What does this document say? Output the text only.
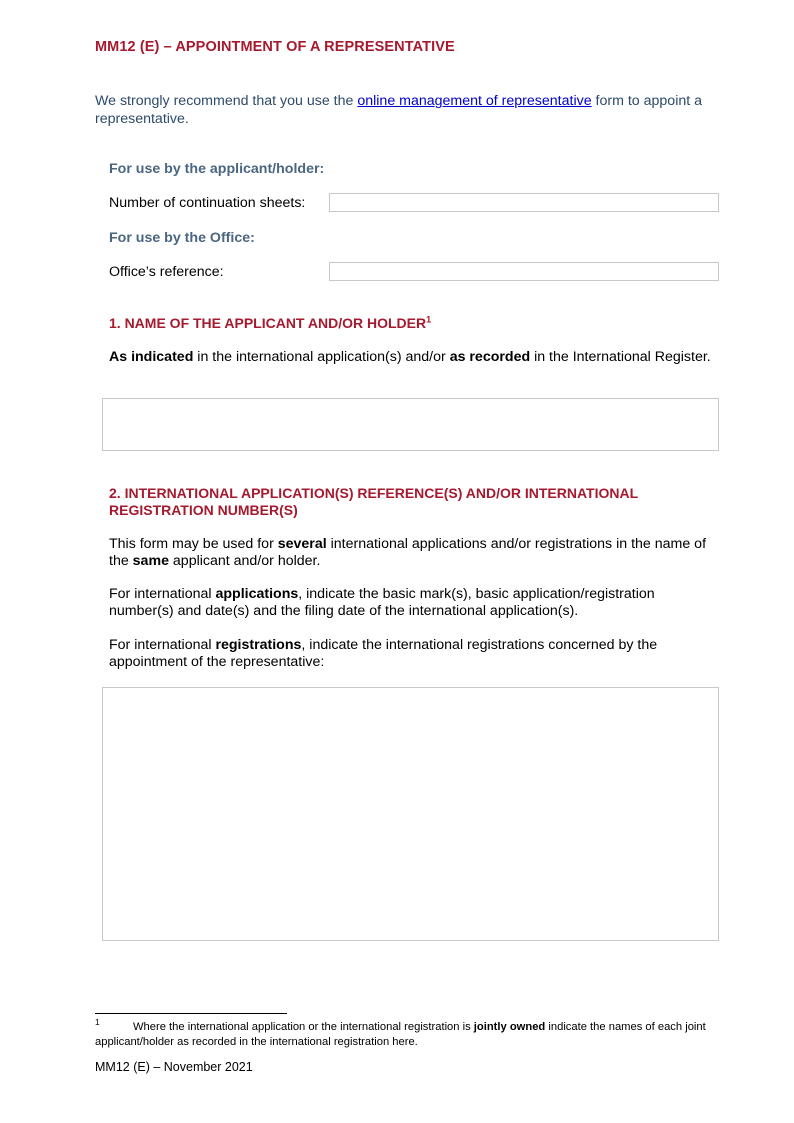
MM12 (E) – APPOINTMENT OF A REPRESENTATIVE
We strongly recommend that you use the online management of representative form to appoint a representative.
For use by the applicant/holder:
Number of continuation sheets:
For use by the Office:
Office’s reference:
1. NAME OF THE APPLICANT AND/OR HOLDER$^1$
As indicated in the international application(s) and/or as recorded in the International Register.
2. INTERNATIONAL APPLICATION(S) REFERENCE(S) AND/OR INTERNATIONAL REGISTRATION NUMBER(S)
This form may be used for several international applications and/or registrations in the name of the same applicant and/or holder.
For international applications, indicate the basic mark(s), basic application/registration number(s) and date(s) and the filing date of the international application(s).
For international registrations, indicate the international registrations concerned by the appointment of the representative:
1	Where the international application or the international registration is jointly owned indicate the names of each joint applicant/holder as recorded in the international registration here.
MM12 (E) – November 2021
